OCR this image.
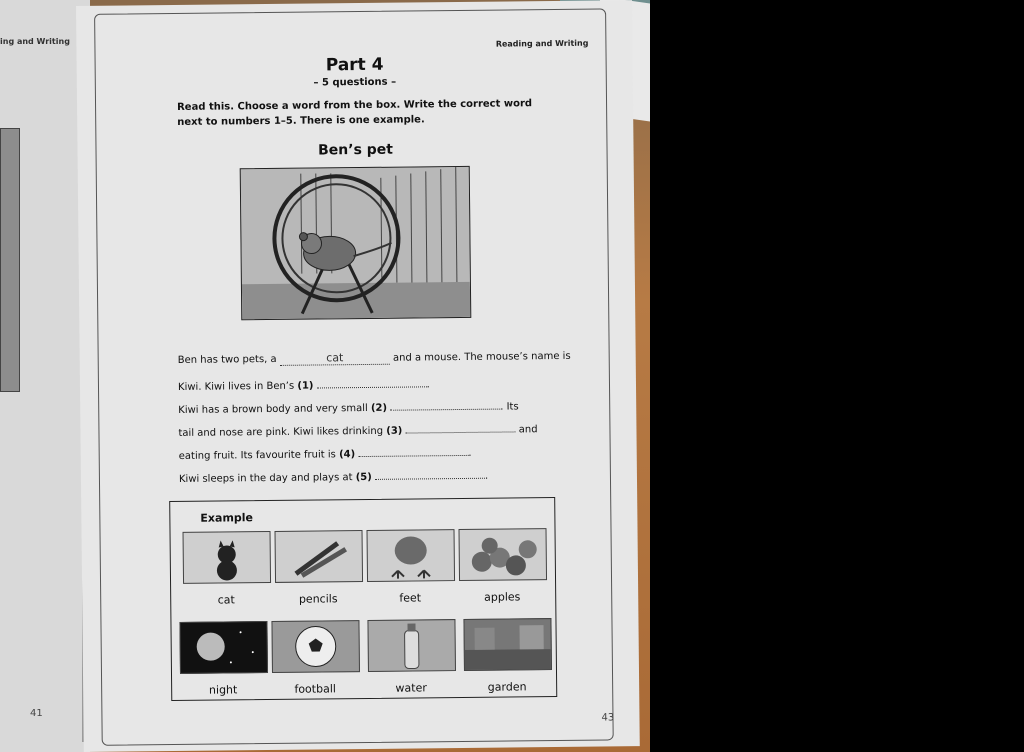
ing and Writing
41
Reading and Writing
Part 4
– 5 questions –
Read this. Choose a word from the box. Write the correct word next to numbers 1–5. There is one example.
Ben’s pet
Ben has two pets, a	cat	and a mouse. The mouse’s name is
Kiwi. Kiwi lives in Ben’s (1)	.
Kiwi has a brown body and very small (2)	. Its
tail and nose are pink. Kiwi likes drinking (3)	and
eating fruit. Its favourite fruit is (4)	.
Kiwi sleeps in the day and plays at (5)	.
Example
cat	pencils	feet	apples
night	football	water	garden
43
